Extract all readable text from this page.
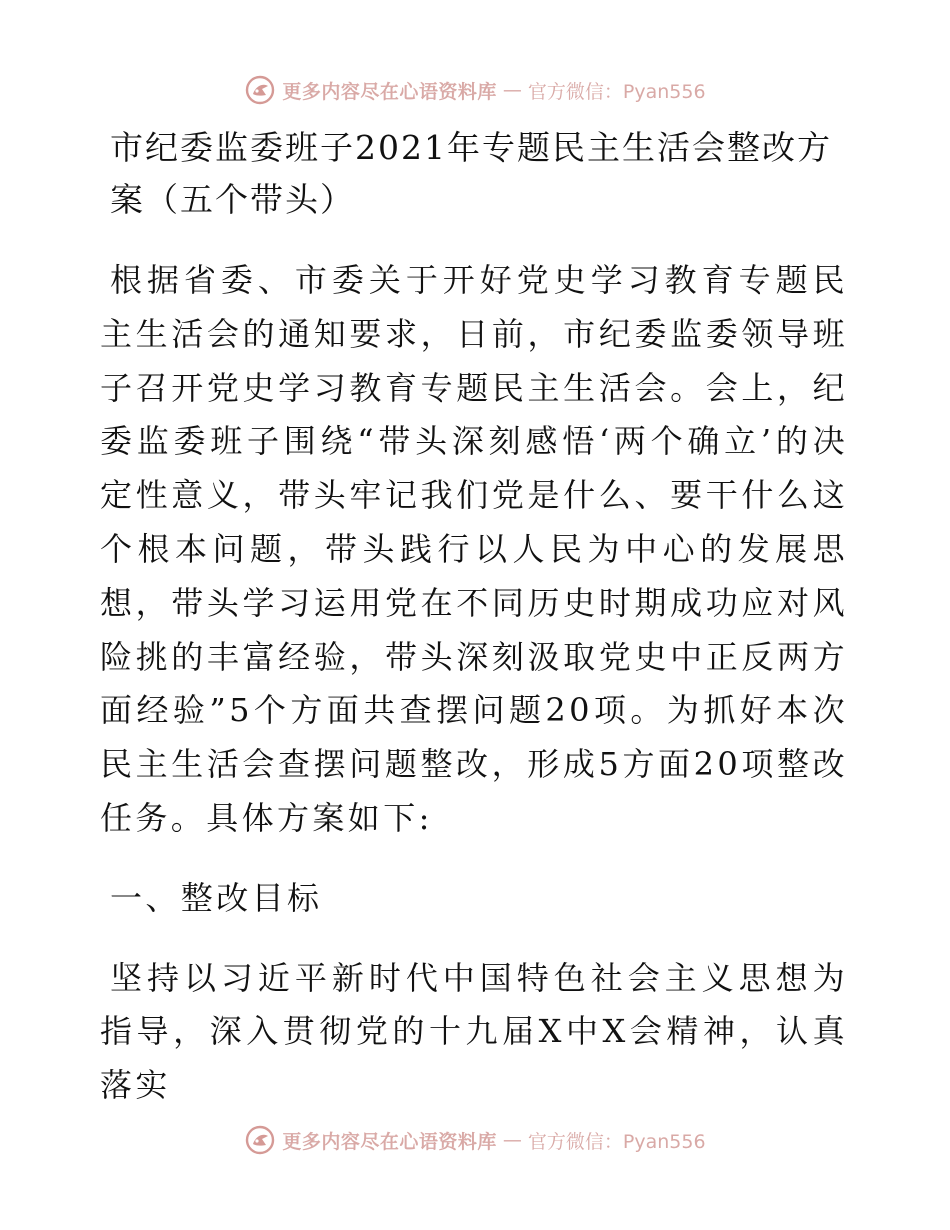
更多内容尽在心语资料库 — 官方微信：Pyan556
市纪委监委班子2021年专题民主生活会整改方案（五个带头）

根据省委、市委关于开好党史学习教育专题民主生活会的通知要求，日前，市纪委监委领导班子召开党史学习教育专题民主生活会。会上，纪委监委班子围绕“带头深刻感悟‘两个确立’的决定性意义，带头牢记我们党是什么、要干什么这个根本问题，带头践行以人民为中心的发展思想，带头学习运用党在不同历史时期成功应对风险挑的丰富经验，带头深刻汲取党史中正反两方面经验”5个方面共查摆问题20项。为抓好本次民主生活会查摆问题整改，形成5方面20项整改任务。具体方案如下:

一、整改目标

坚持以习近平新时代中国特色社会主义思想为指导，深入贯彻党的十九届X中X会精神，认真落实

更多内容尽在心语资料库 — 官方微信：Pyan556
